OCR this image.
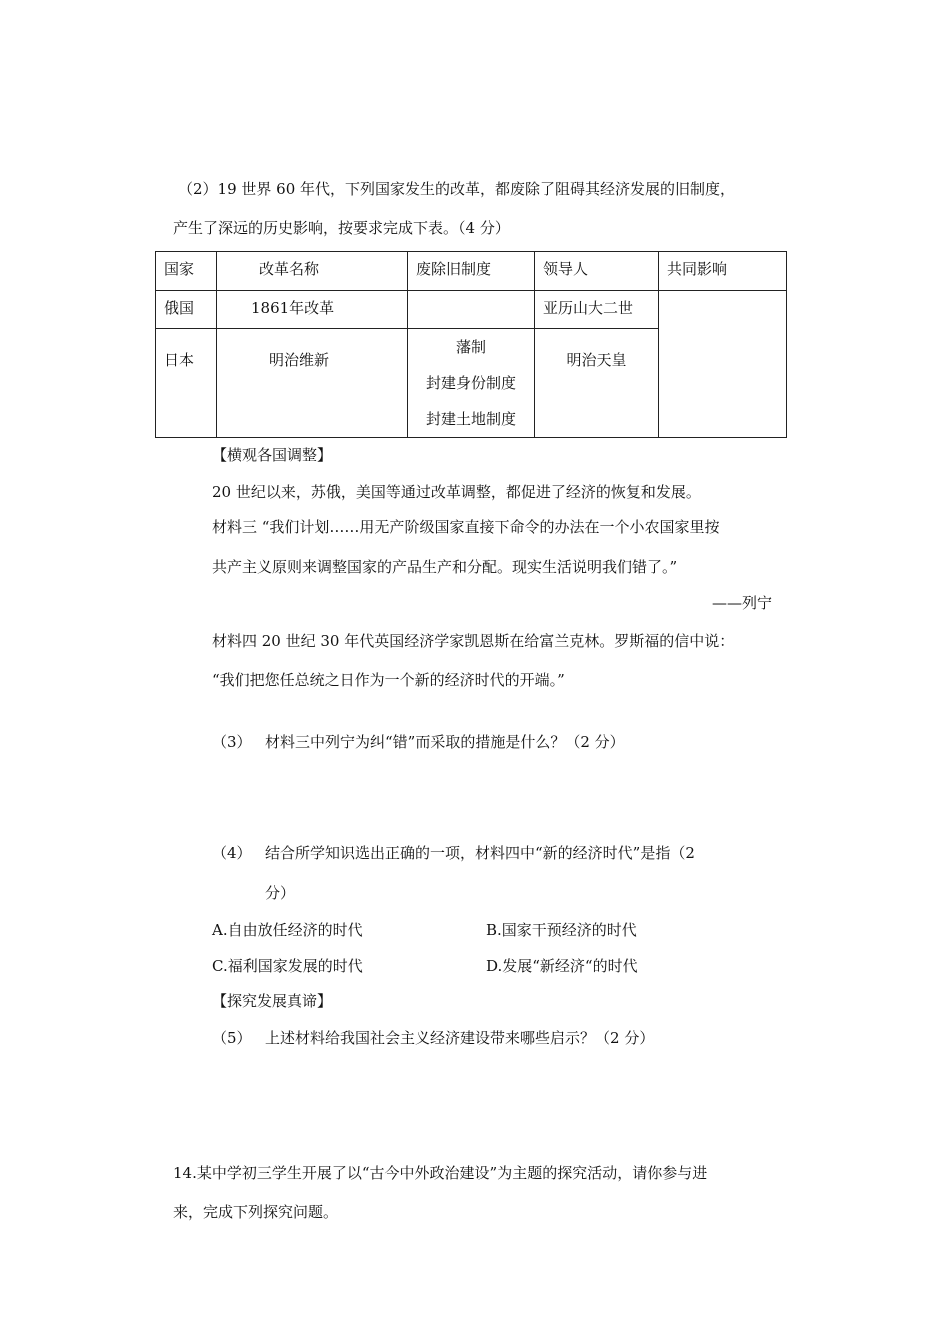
（2）19 世界 60 年代，下列国家发生的改革，都废除了阻碍其经济发展的旧制度，
产生了深远的历史影响，按要求完成下表。（4 分）
国家	改革名称	废除旧制度	领导人	共同影响

俄国	1861年改革		亚历山大二世	

日本	明治维新	藩制
封建身份制度
封建土地制度	明治天皇	
【横观各国调整】
20 世纪以来，苏俄，美国等通过改革调整，都促进了经济的恢复和发展。
材料三 “我们计划……用无产阶级国家直接下命令的办法在一个小农国家里按
共产主义原则来调整国家的产品生产和分配。现实生活说明我们错了。”
——列宁
材料四 20 世纪 30 年代英国经济学家凯恩斯在给富兰克林。罗斯福的信中说：
“我们把您任总统之日作为一个新的经济时代的开端。”
（3） 材料三中列宁为纠“错”而采取的措施是什么？（2 分）
（4） 结合所学知识选出正确的一项，材料四中“新的经济时代”是指（2
分）
A.自由放任经济的时代	B.国家干预经济的时代
C.福利国家发展的时代	D.发展“新经济“的时代
【探究发展真谛】
（5） 上述材料给我国社会主义经济建设带来哪些启示？（2 分）
14.某中学初三学生开展了以“古今中外政治建设”为主题的探究活动，请你参与进
来，完成下列探究问题。
